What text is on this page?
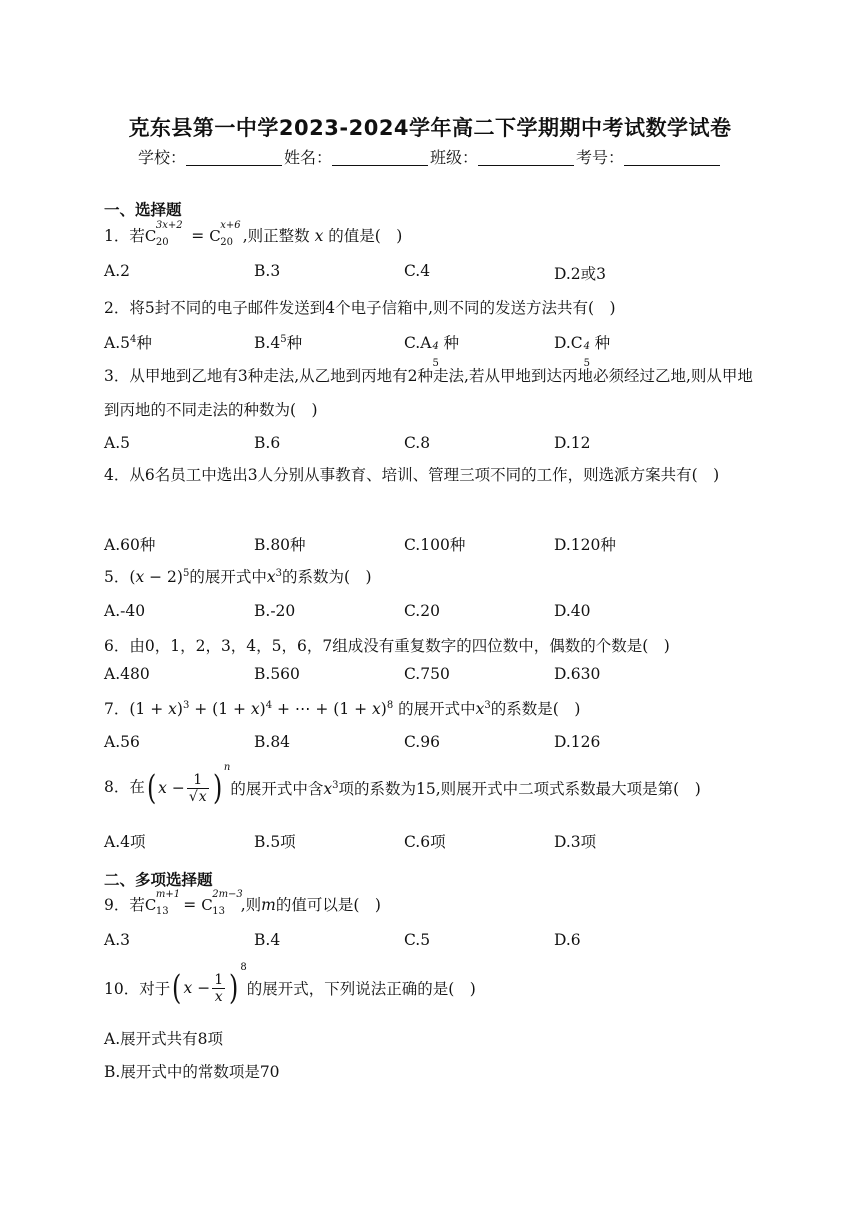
克东县第一中学2023-2024学年高二下学期期中考试数学试卷
学校：	姓名：	班级：	考号：
一、选择题
1．若C
3x+2
20 = C
x+6
20 ,则正整数 x 的值是(　)
A.2	B.3	C.4	D.2或3
2．将5封不同的电子邮件发送到4个电子信箱中,则不同的发送方法共有(　)
$A.5^4$种	$B.4^5$种	C.A 4
5
种	D.C 4
5
种
3．从甲地到乙地有3种走法,从乙地到丙地有2种走法,若从甲地到达丙地必须经过乙地,则从甲地到丙地的不同走法的种数为(　)
A.5	B.6	C.8	D.12
4．从6名员工中选出3人分别从事教育、培训、管理三项不同的工作，则选派方案共有(　)
A.60种	B.80种	C.100种	D.120种
5．$(x - 2)^5$的展开式中$x^3$的系数为(　)
A.-40	B.-20	C.20	D.40
6．由0，1，2，3，4，5，6，7组成没有重复数字的四位数中，偶数的个数是(　)
A.480	B.560	C.750	D.630
7．$(1 + x)^3 + (1 + x)^4$ + ⋯ + $(1 + x)^8$ 的展开式中$x^3$的系数是(　)
A.56	B.84	C.96	D.126
8．在( $x - \frac{1}{√x} )^n$的展开式中含$x^3$项的系数为15,则展开式中二项式系数最大项是第(　)
A.4项	B.5项	C.6项	D.3项
二、多项选择题
9．若C
m+1
13 = C
2m−3
13 ,则m的值可以是(　)
A.3	B.4	C.5	D.6
10．对于( $x - \frac{1}{x} )^8$的展开式，下列说法正确的是(　)
A.展开式共有8项
B.展开式中的常数项是70
